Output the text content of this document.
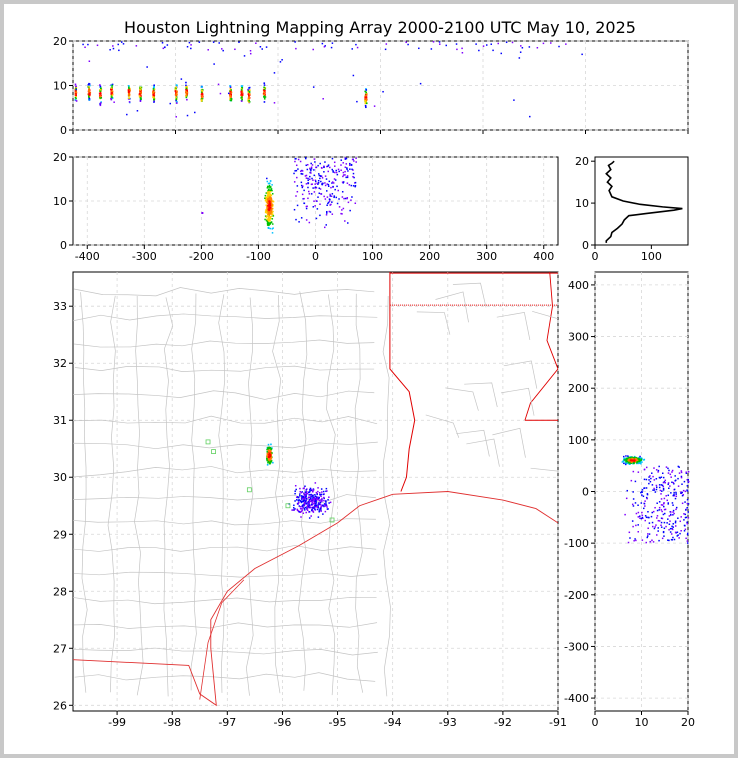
Houston Lightning Mapping Array 2000-2100 UTC May 10, 2025
0
10
20
-400	-300	-200	-100	0	100	200	300	400
0
10
20
0	100
0
10
20
-99	-98	-97	-96	-95	-94	-93	-92	-91
26
27
28
29
30
31
32
33
0	10	20
-400
-300
-200
-100
0
100
200
300
400
